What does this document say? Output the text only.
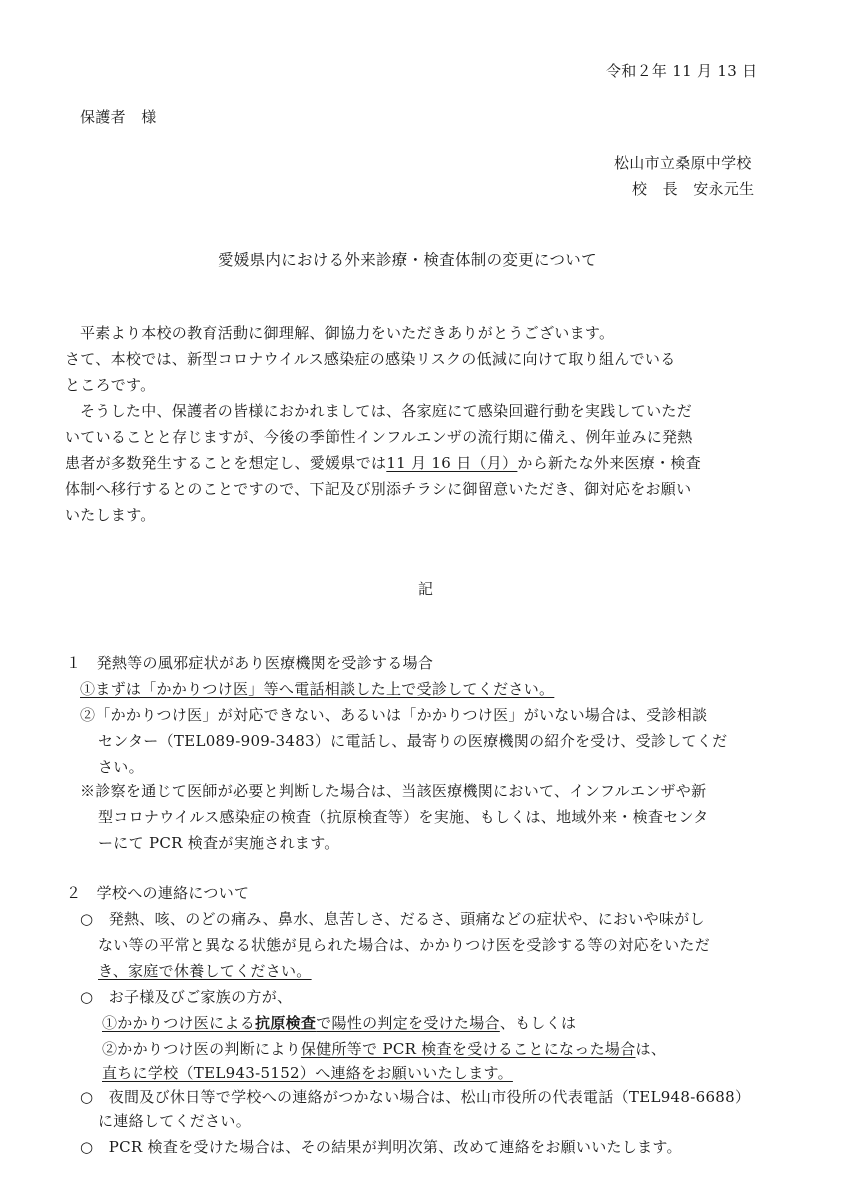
令和２年 11 月 13 日
保護者　様
松山市立桑原中学校
校　長　安永元生
愛媛県内における外来診療・検査体制の変更について
平素より本校の教育活動に御理解、御協力をいただきありがとうございます。
さて、本校では、新型コロナウイルス感染症の感染リスクの低減に向けて取り組んでいる
ところです。
そうした中、保護者の皆様におかれましては、各家庭にて感染回避行動を実践していただ
いていることと存じますが、今後の季節性インフルエンザの流行期に備え、例年並みに発熱
患者が多数発生することを想定し、愛媛県では11 月 16 日（月）から新たな外来医療・検査
体制へ移行するとのことですので、下記及び別添チラシに御留意いただき、御対応をお願い
いたします。
記
１　発熱等の風邪症状があり医療機関を受診する場合
①まずは「かかりつけ医」等へ電話相談した上で受診してください。
②「かかりつけ医」が対応できない、あるいは「かかりつけ医」がいない場合は、受診相談
センター（TEL089-909-3483）に電話し、最寄りの医療機関の紹介を受け、受診してくだ
さい。
※診察を通じて医師が必要と判断した場合は、当該医療機関において、インフルエンザや新
型コロナウイルス感染症の検査（抗原検査等）を実施、もしくは、地域外来・検査センタ
ーにて PCR 検査が実施されます。
２　学校への連絡について
○　発熱、咳、のどの痛み、鼻水、息苦しさ、だるさ、頭痛などの症状や、においや味がし
ない等の平常と異なる状態が見られた場合は、かかりつけ医を受診する等の対応をいただ
き、家庭で休養してください。
○　お子様及びご家族の方が、
①かかりつけ医による抗原検査で陽性の判定を受けた場合、もしくは
②かかりつけ医の判断により保健所等で PCR 検査を受けることになった場合は、
直ちに学校（TEL943-5152）へ連絡をお願いいたします。
○　夜間及び休日等で学校への連絡がつかない場合は、松山市役所の代表電話（TEL948-6688）
に連絡してください。
○　PCR 検査を受けた場合は、その結果が判明次第、改めて連絡をお願いいたします。
